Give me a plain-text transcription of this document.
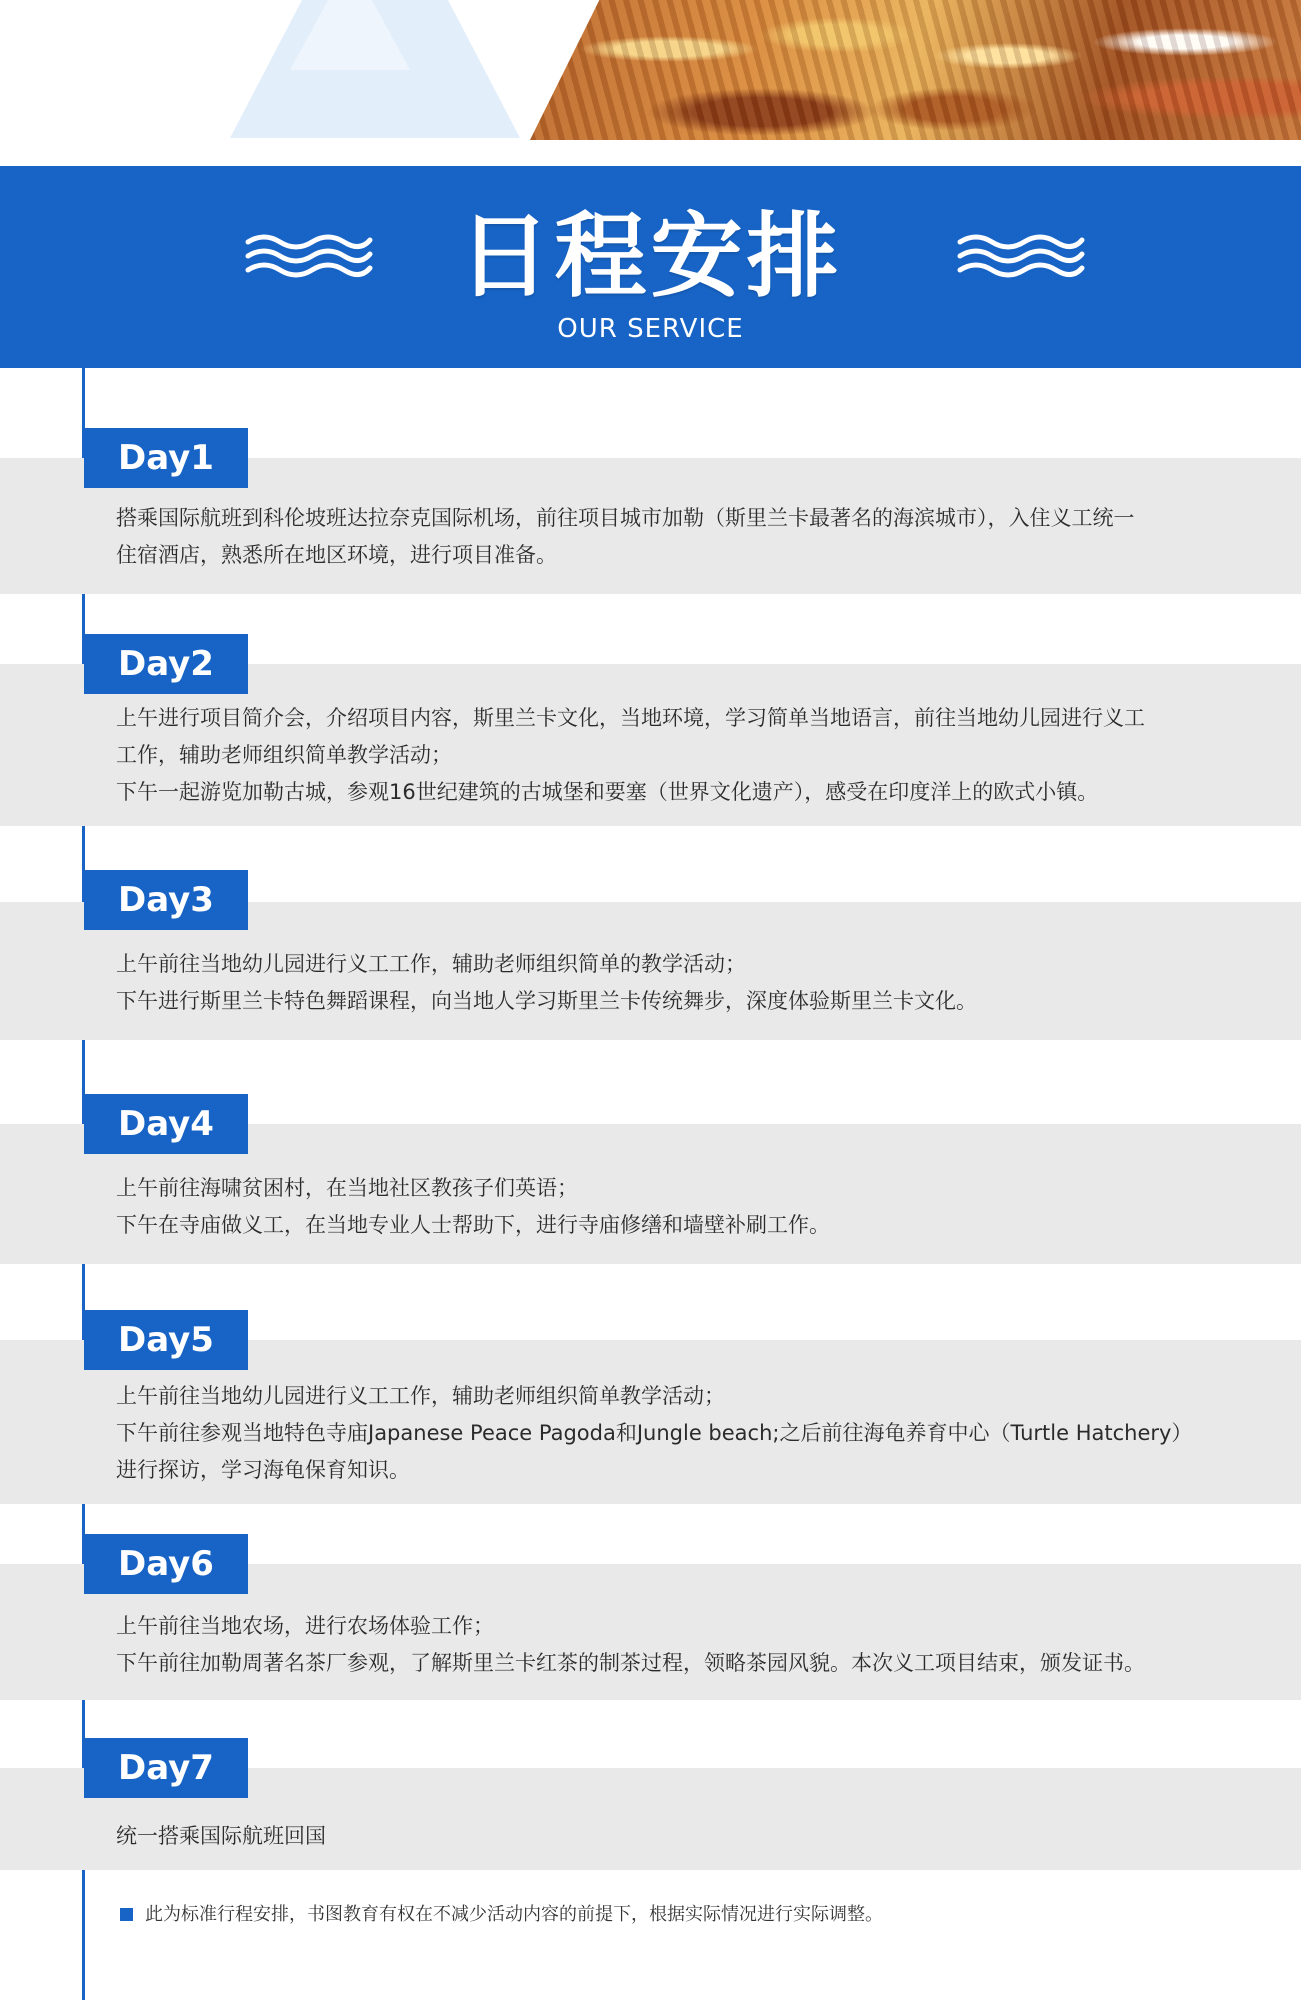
日程安排
OUR SERVICE
Day1
搭乘国际航班到科伦坡班达拉奈克国际机场，前往项目城市加勒（斯里兰卡最著名的海滨城市），入住义工统一
住宿酒店，熟悉所在地区环境，进行项目准备。
Day2
上午进行项目简介会，介绍项目内容，斯里兰卡文化，当地环境，学习简单当地语言，前往当地幼儿园进行义工
工作，辅助老师组织简单教学活动；
下午一起游览加勒古城，参观16世纪建筑的古城堡和要塞（世界文化遗产），感受在印度洋上的欧式小镇。
Day3
上午前往当地幼儿园进行义工工作，辅助老师组织简单的教学活动；
下午进行斯里兰卡特色舞蹈课程，向当地人学习斯里兰卡传统舞步，深度体验斯里兰卡文化。
Day4
上午前往海啸贫困村，在当地社区教孩子们英语；
下午在寺庙做义工，在当地专业人士帮助下，进行寺庙修缮和墙壁补刷工作。
Day5
上午前往当地幼儿园进行义工工作，辅助老师组织简单教学活动；
下午前往参观当地特色寺庙Japanese Peace Pagoda和Jungle beach;之后前往海龟养育中心（Turtle Hatchery）
进行探访，学习海龟保育知识。
Day6
上午前往当地农场，进行农场体验工作；
下午前往加勒周著名茶厂参观，了解斯里兰卡红茶的制茶过程，领略茶园风貌。本次义工项目结束，颁发证书。
Day7
统一搭乘国际航班回国
此为标准行程安排，书图教育有权在不减少活动内容的前提下，根据实际情况进行实际调整。
